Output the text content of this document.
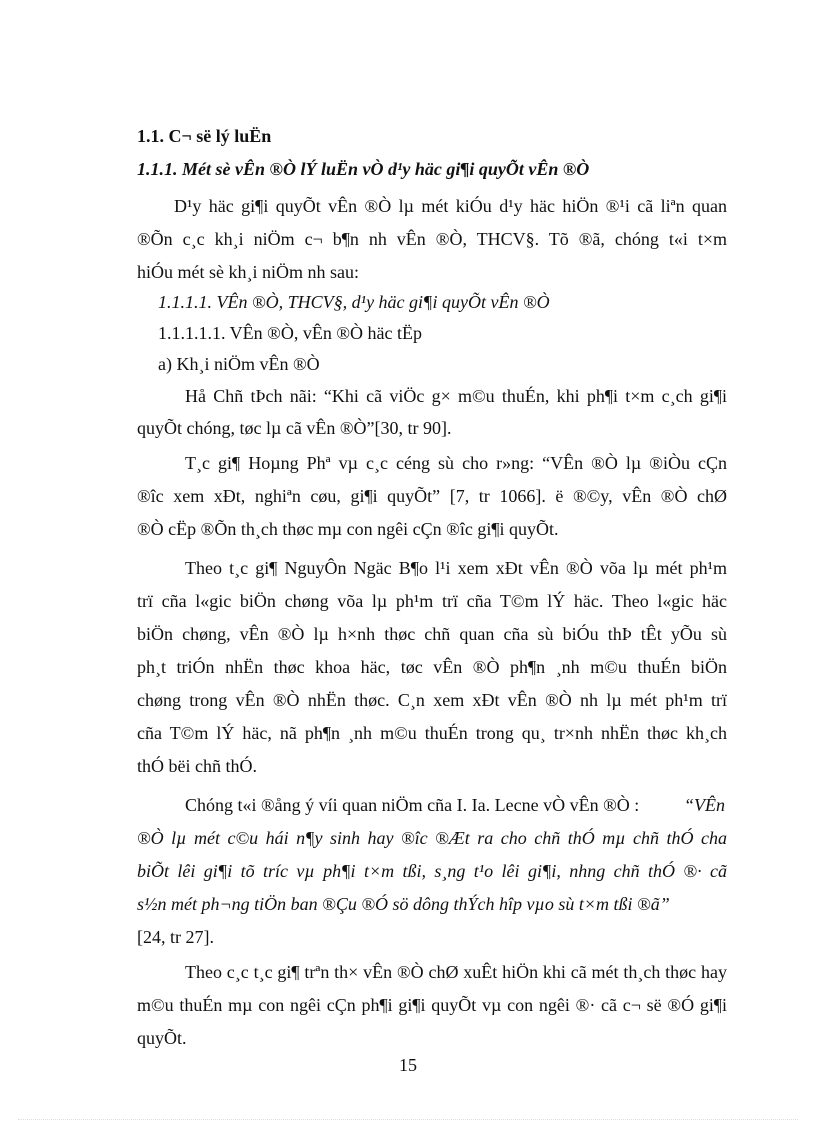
1.1. C¬ së lý luËn
1.1.1. Mét sè vÊn ®Ò lÝ luËn vÒ d¹y häc gi¶i quyÕt vÊn ®Ò
D¹y häc gi¶i quyÕt vÊn ®Ò lµ mét kiÓu d¹y häc hiÖn ®¹i cã liªn quan
®Õn c¸c kh¸i niÖm c¬ b¶n nh vÊn ®Ò, THCV§. Tõ ®ã, chóng t«i t×m
hiÓu mét sè kh¸i niÖm nh sau:
1.1.1.1. VÊn ®Ò, THCV§, d¹y häc gi¶i quyÕt vÊn ®Ò
1.1.1.1.1. VÊn ®Ò, vÊn ®Ò häc tËp
a) Kh¸i niÖm vÊn ®Ò
Hå Chñ tÞch nãi: “Khi cã viÖc g× m©u thuÉn, khi ph¶i t×m c¸ch gi¶i
quyÕt chóng, tøc lµ cã vÊn ®Ò”[30, tr 90].
T¸c gi¶ Hoµng Phª vµ c¸c céng sù cho r»ng: “VÊn ®Ò lµ ®iÒu cÇn
®îc xem xÐt, nghiªn cøu, gi¶i quyÕt” [7, tr 1066]. ë ®©y, vÊn ®Ò chØ
®Ò cËp ®Õn th¸ch thøc mµ con ngêi cÇn ®îc gi¶i quyÕt.
Theo t¸c gi¶ NguyÔn Ngäc B¶o l¹i xem xÐt vÊn ®Ò võa lµ mét ph¹m
trï cña l«gic biÖn chøng võa lµ ph¹m trï cña T©m lÝ häc. Theo l«gic häc
biÖn chøng, vÊn ®Ò lµ h×nh thøc chñ quan cña sù biÓu thÞ tÊt yÕu sù
ph¸t triÓn nhËn thøc khoa häc, tøc vÊn ®Ò ph¶n ¸nh m©u thuÉn biÖn
chøng trong vÊn ®Ò nhËn thøc. C¸n xem xÐt vÊn ®Ò nh lµ mét ph¹m trï
cña T©m lÝ häc, nã ph¶n ¸nh m©u thuÉn trong qu¸ tr×nh nhËn thøc kh¸ch
thÓ bëi chñ thÓ.
Chóng t«i ®ång ý víi quan niÖm cña I. Ia. Lecne vÒ vÊn ®Ò : “VÊn
®Ò lµ mét c©u hái n¶y sinh hay ®îc ®Æt ra cho chñ thÓ mµ chñ thÓ cha
biÕt lêi gi¶i tõ tríc vµ ph¶i t×m tßi, s¸ng t¹o lêi gi¶i, nhng chñ thÓ ®· cã
s½n mét ph¬ng tiÖn ban ®Çu ®Ó sö dông thÝch hîp vµo sù t×m tßi ®ã”
[24, tr 27].
Theo c¸c t¸c gi¶ trªn th× vÊn ®Ò chØ xuÊt hiÖn khi cã mét th¸ch thøc hay
m©u thuÉn mµ con ngêi cÇn ph¶i gi¶i quyÕt vµ con ngêi ®· cã c¬ së ®Ó gi¶i
quyÕt.
15
